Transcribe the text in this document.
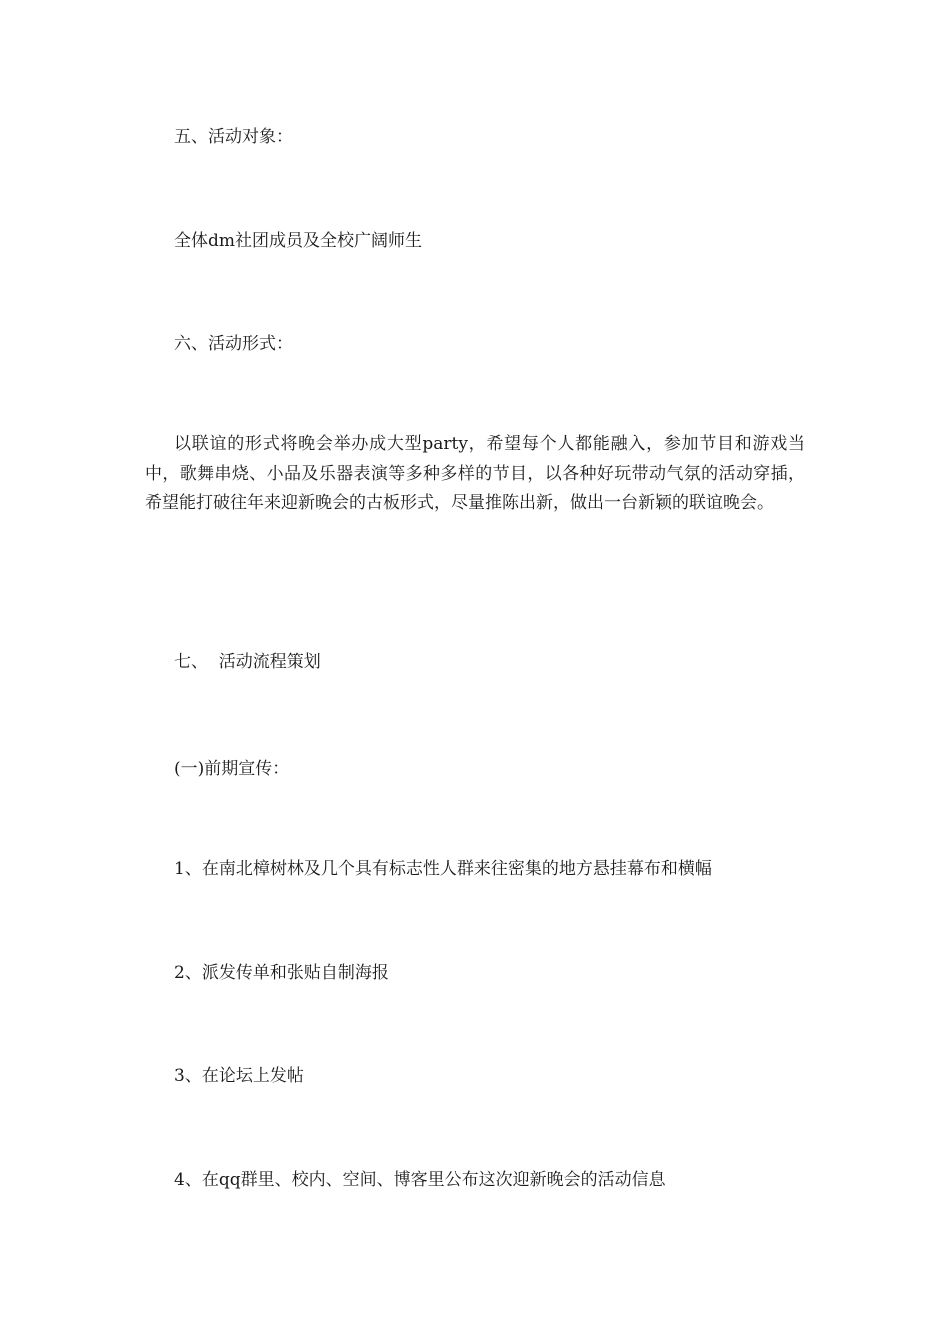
五、活动对象：

全体dm社团成员及全校广阔师生

六、活动形式：

以联谊的形式将晚会举办成大型party，希望每个人都能融入，参加节目和游戏当中，歌舞串烧、小品及乐器表演等多种多样的节目，以各种好玩带动气氛的活动穿插，希望能打破往年来迎新晚会的古板形式，尽量推陈出新，做出一台新颖的联谊晚会。

七、  活动流程策划

(一)前期宣传：

1、在南北樟树林及几个具有标志性人群来往密集的地方悬挂幕布和横幅

2、派发传单和张贴自制海报

3、在论坛上发帖

4、在qq群里、校内、空间、博客里公布这次迎新晚会的活动信息
